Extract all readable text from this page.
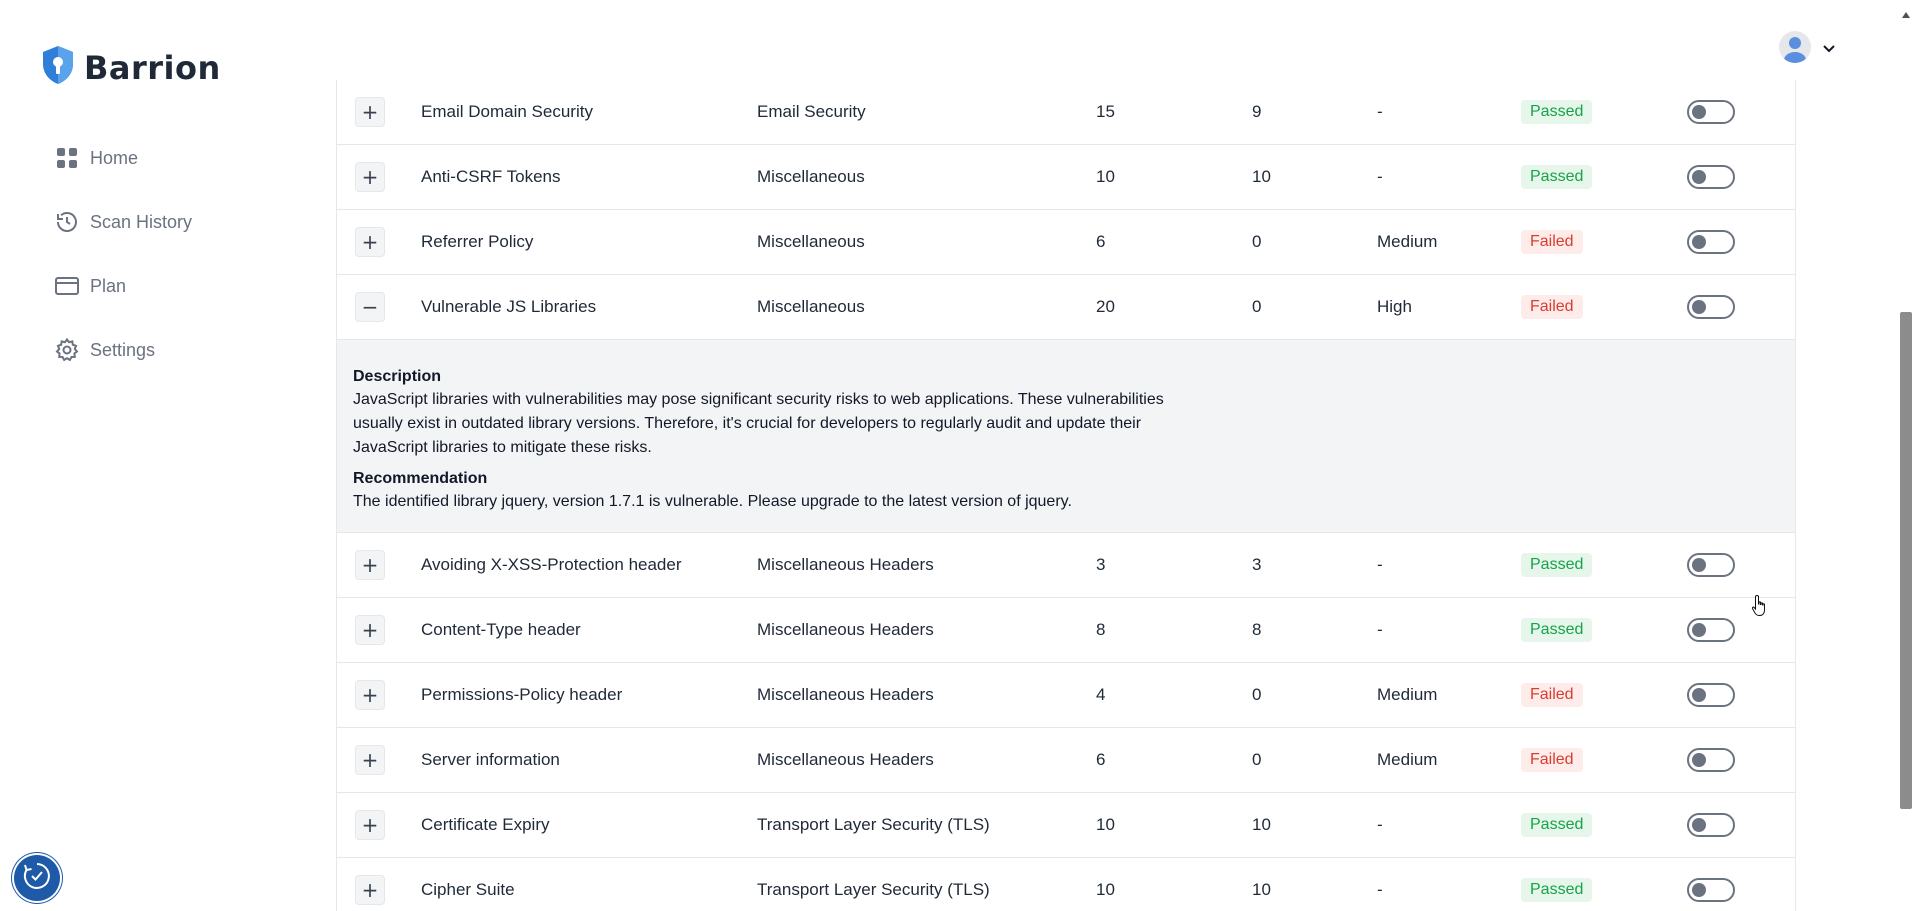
Barrion
Home
Scan History
Plan
Settings
+	Email Domain Security	Email Security	15	9	-	Passed
+	Anti-CSRF Tokens	Miscellaneous	10	10	-	Passed
+	Referrer Policy	Miscellaneous	6	0	Medium	Failed
−	Vulnerable JS Libraries	Miscellaneous	20	0	High	Failed
Description

JavaScript libraries with vulnerabilities may pose significant security risks to web applications. These vulnerabilities usually exist in outdated library versions. Therefore, it's crucial for developers to regularly audit and update their JavaScript libraries to mitigate these risks.

Recommendation

The identified library jquery, version 1.7.1 is vulnerable. Please upgrade to the latest version of jquery.

+	Avoiding X-XSS-Protection header	Miscellaneous Headers	3	3	-	Passed
+	Content-Type header	Miscellaneous Headers	8	8	-	Passed
+	Permissions-Policy header	Miscellaneous Headers	4	0	Medium	Failed
+	Server information	Miscellaneous Headers	6	0	Medium	Failed
+	Certificate Expiry	Transport Layer Security (TLS)	10	10	-	Passed
+	Cipher Suite	Transport Layer Security (TLS)	10	10	-	Passed
